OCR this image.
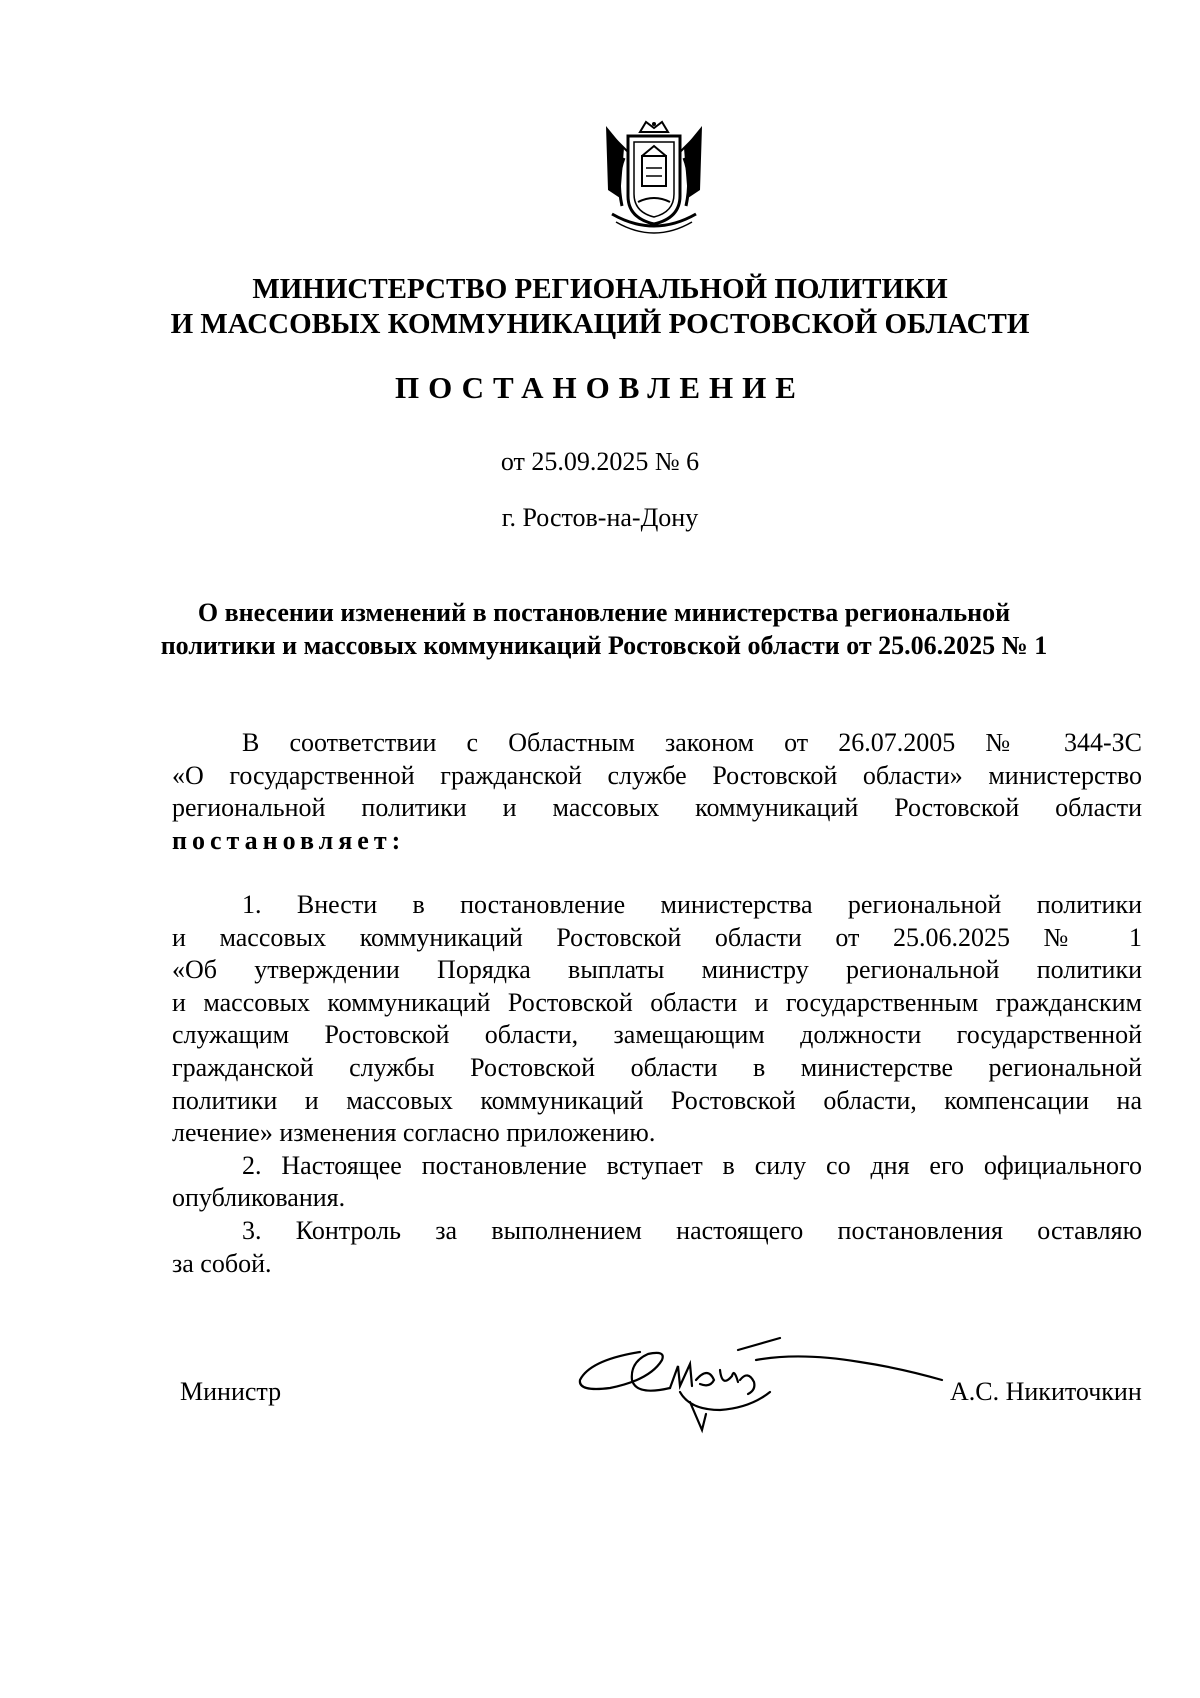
МИНИСТЕРСТВО РЕГИОНАЛЬНОЙ ПОЛИТИКИ
И МАССОВЫХ КОММУНИКАЦИЙ РОСТОВСКОЙ ОБЛАСТИ
ПОСТАНОВЛЕНИЕ
от 25.09.2025 № 6
г. Ростов-на-Дону
О внесении изменений в постановление министерства региональной
политики и массовых коммуникаций Ростовской области от 25.06.2025 № 1
В соответствии с Областным законом от 26.07.2005 № 344-ЗС
«О государственной гражданской службе Ростовской области» министерство
региональной политики и массовых коммуникаций Ростовской области
постановляет:
1. Внести в постановление министерства региональной политики
и массовых коммуникаций Ростовской области от 25.06.2025 № 1
«Об утверждении Порядка выплаты министру региональной политики
и массовых коммуникаций Ростовской области и государственным гражданским
служащим Ростовской области, замещающим должности государственной
гражданской службы Ростовской области в министерстве региональной
политики и массовых коммуникаций Ростовской области, компенсации на
лечение» изменения согласно приложению.
2. Настоящее постановление вступает в силу со дня его официального
опубликования.
3. Контроль за выполнением настоящего постановления оставляю
за собой.
Министр	А.С. Никиточкин
